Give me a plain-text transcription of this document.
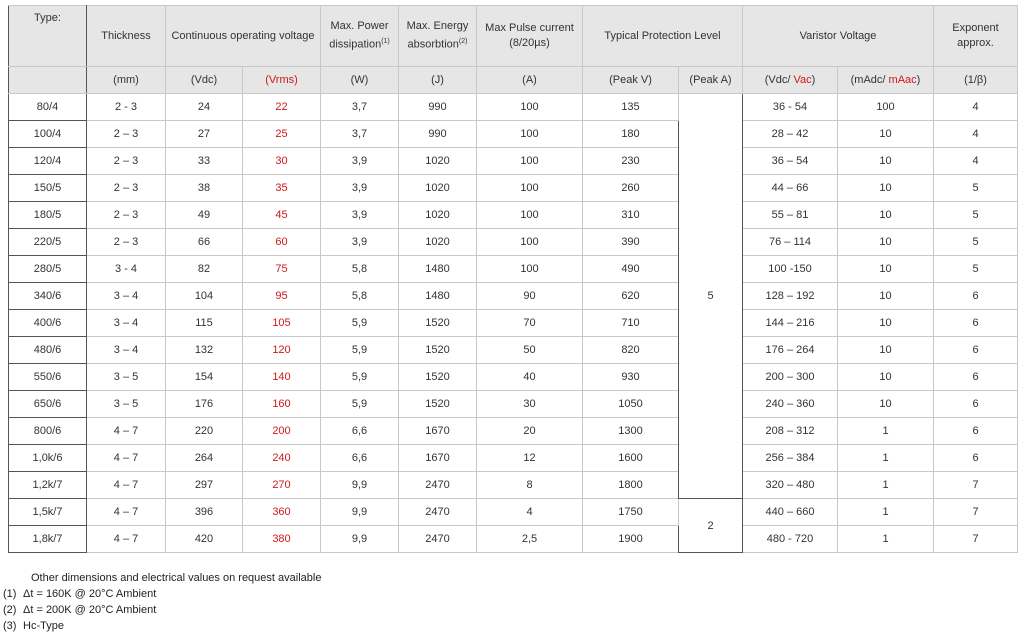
Type:	Thickness	Continuous operating voltage		Max. Power dissipation$^{(1)}$	Max. Energy absorbtion$^{(2)}$	Max Pulse current (8/20µs)	Typical Protection Level		Varistor Voltage		Exponent approx.
	(mm)	(Vdc)	(Vrms)	(W)	(J)	(A)	(Peak V)	(Peak A)	(Vdc/ Vac)	(mAdc/ mAac)	(1/β)
80/4	2 - 3	24	22	3,7	990	100	135	5	36 - 54	100	4
100/4	2 – 3	27	25	3,7	990	100	180		28 – 42	10	4
120/4	2 – 3	33	30	3,9	1020	100	230		36 – 54	10	4
150/5	2 – 3	38	35	3,9	1020	100	260		44 – 66	10	5
180/5	2 – 3	49	45	3,9	1020	100	310		55 – 81	10	5
220/5	2 – 3	66	60	3,9	1020	100	390		76 – 114	10	5
280/5	3 - 4	82	75	5,8	1480	100	490		100 -150	10	5
340/6	3 – 4	104	95	5,8	1480	90	620		128 – 192	10	6
400/6	3 – 4	115	105	5,9	1520	70	710		144 – 216	10	6
480/6	3 – 4	132	120	5,9	1520	50	820		176 – 264	10	6
550/6	3 – 5	154	140	5,9	1520	40	930		200 – 300	10	6
650/6	3 – 5	176	160	5,9	1520	30	1050		240 – 360	10	6
800/6	4 – 7	220	200	6,6	1670	20	1300		208 – 312	1	6
1,0k/6	4 – 7	264	240	6,6	1670	12	1600		256 – 384	1	6
1,2k/7	4 – 7	297	270	9,9	2470	8	1800		320 – 480	1	7
1,5k/7	4 – 7	396	360	9,9	2470	4	1750	2	440 – 660	1	7
1,8k/7	4 – 7	420	380	9,9	2470	2,5	1900		480 - 720	1	7
Other dimensions and electrical values on request available
(1) Δt = 160K @ 20°C Ambient
(2) Δt = 200K @ 20°C Ambient
(3) Hc-Type
